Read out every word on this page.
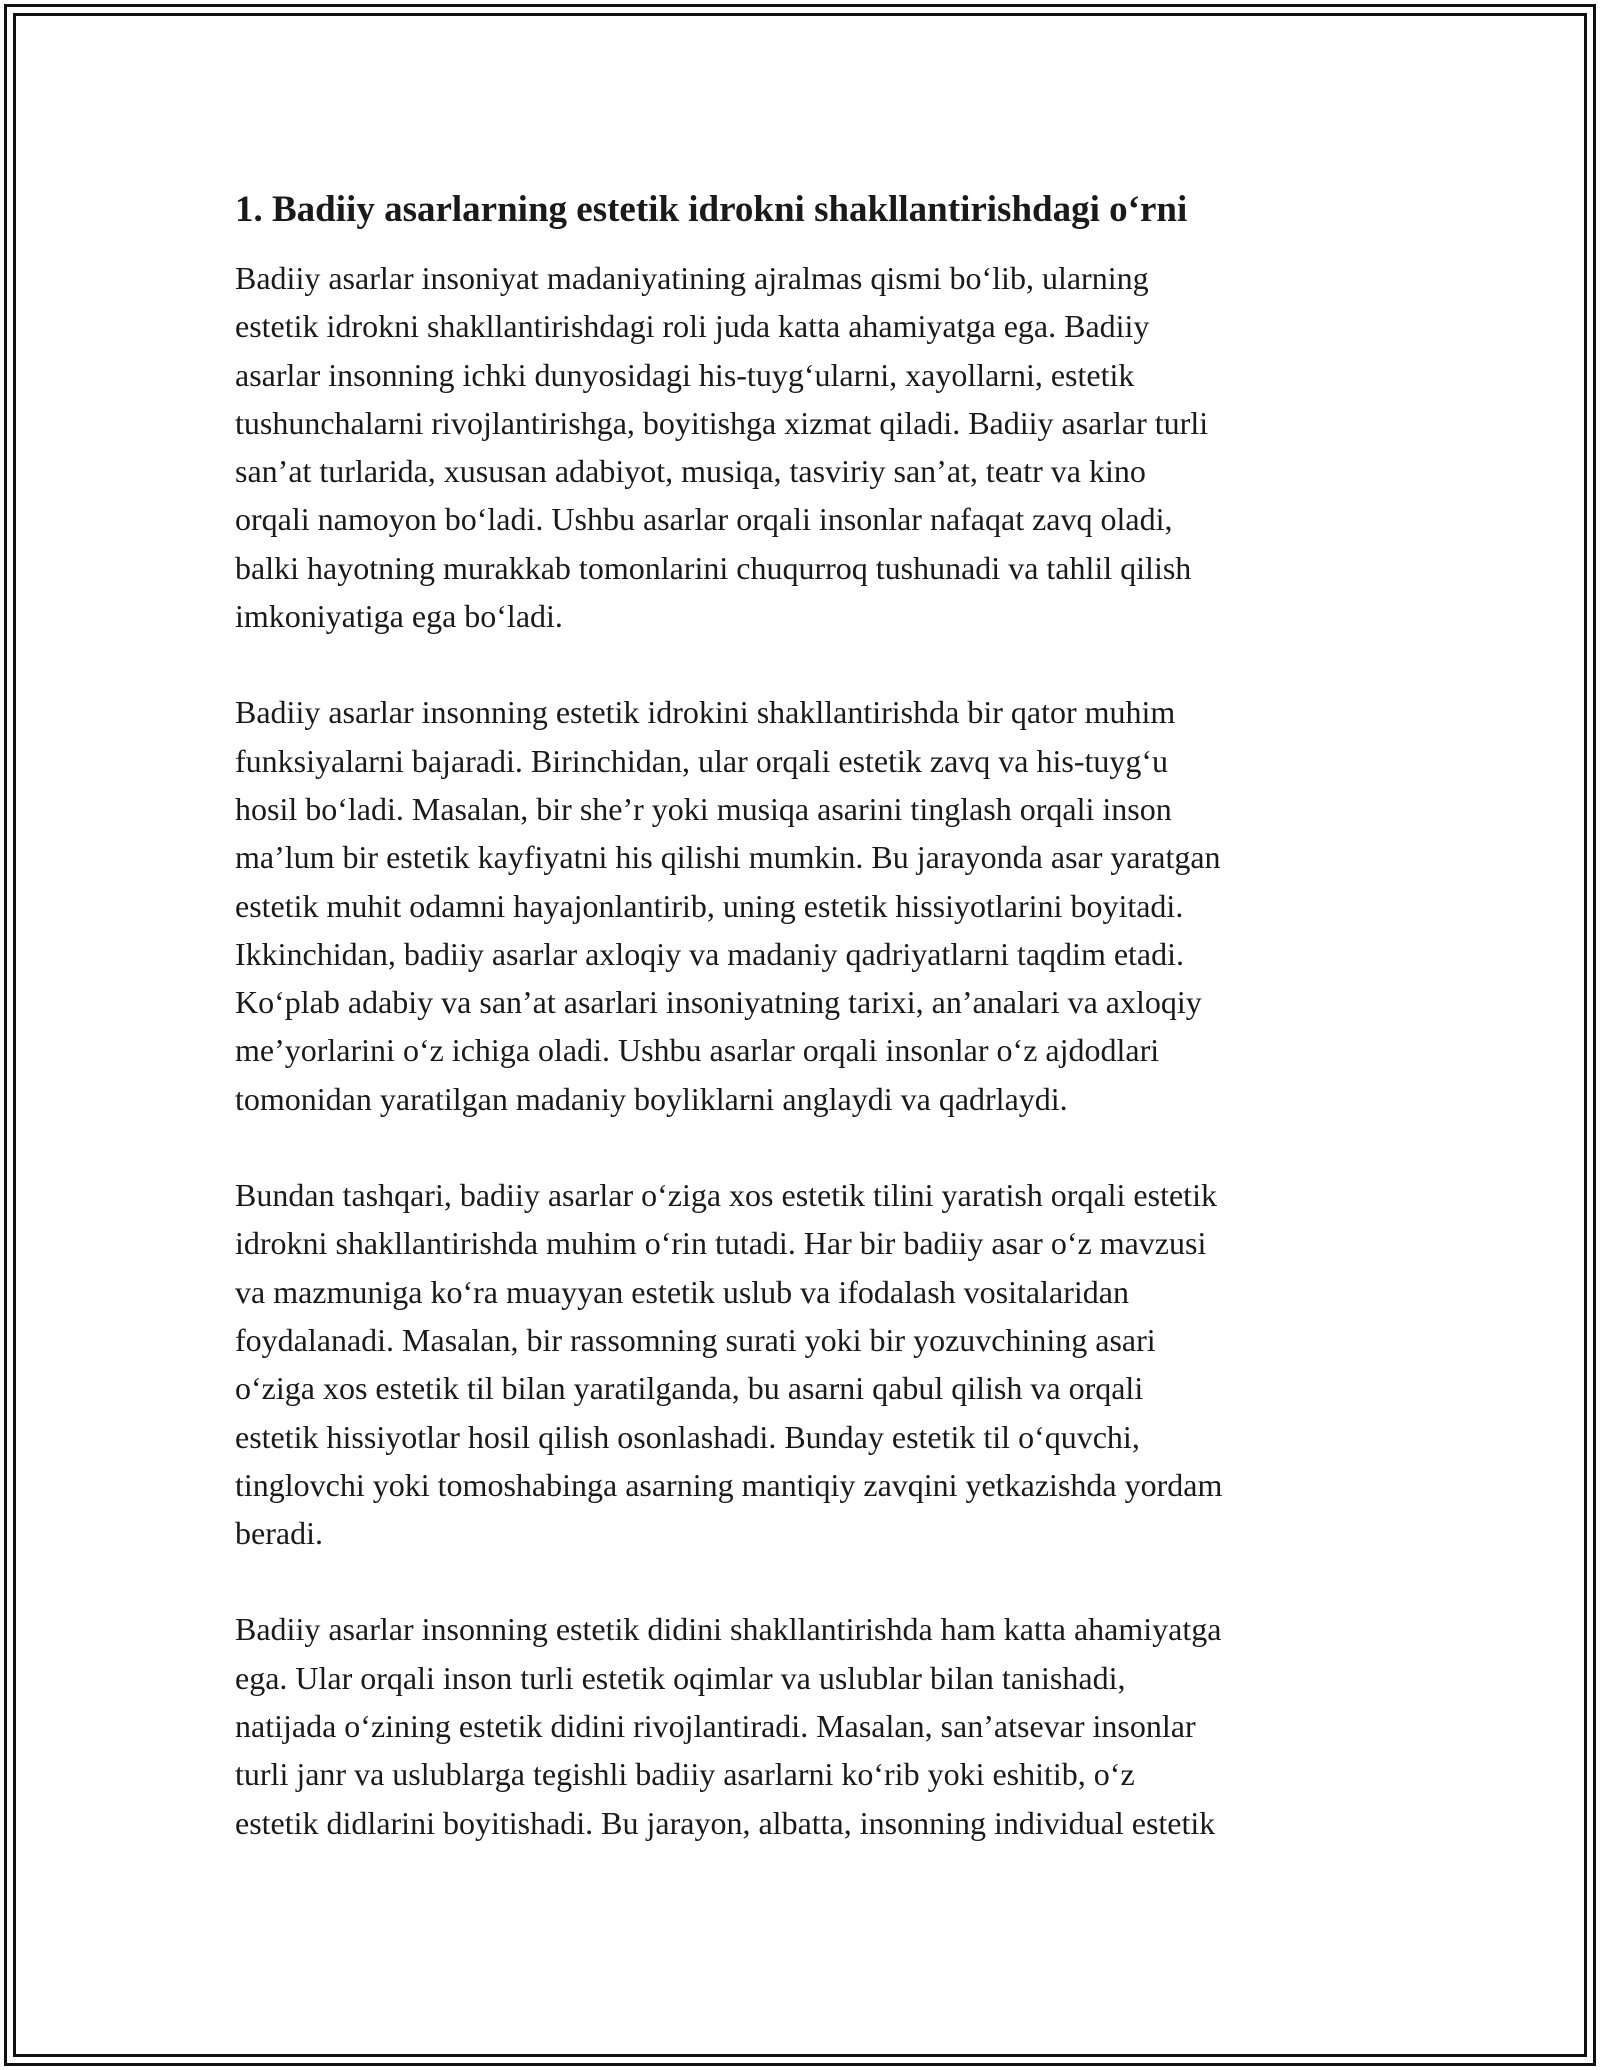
1. Badiiy asarlarning estetik idrokni shakllantirishdagi o‘rni

Badiiy asarlar insoniyat madaniyatining ajralmas qismi bo‘lib, ularning
estetik idrokni shakllantirishdagi roli juda katta ahamiyatga ega. Badiiy
asarlar insonning ichki dunyosidagi his-tuyg‘ularni, xayollarni, estetik
tushunchalarni rivojlantirishga, boyitishga xizmat qiladi. Badiiy asarlar turli
san’at turlarida, xususan adabiyot, musiqa, tasviriy san’at, teatr va kino
orqali namoyon bo‘ladi. Ushbu asarlar orqali insonlar nafaqat zavq oladi,
balki hayotning murakkab tomonlarini chuqurroq tushunadi va tahlil qilish
imkoniyatiga ega bo‘ladi.

Badiiy asarlar insonning estetik idrokini shakllantirishda bir qator muhim
funksiyalarni bajaradi. Birinchidan, ular orqali estetik zavq va his-tuyg‘u
hosil bo‘ladi. Masalan, bir she’r yoki musiqa asarini tinglash orqali inson
ma’lum bir estetik kayfiyatni his qilishi mumkin. Bu jarayonda asar yaratgan
estetik muhit odamni hayajonlantirib, uning estetik hissiyotlarini boyitadi.
Ikkinchidan, badiiy asarlar axloqiy va madaniy qadriyatlarni taqdim etadi.
Ko‘plab adabiy va san’at asarlari insoniyatning tarixi, an’analari va axloqiy
me’yorlarini o‘z ichiga oladi. Ushbu asarlar orqali insonlar o‘z ajdodlari
tomonidan yaratilgan madaniy boyliklarni anglaydi va qadrlaydi.

Bundan tashqari, badiiy asarlar o‘ziga xos estetik tilini yaratish orqali estetik
idrokni shakllantirishda muhim o‘rin tutadi. Har bir badiiy asar o‘z mavzusi
va mazmuniga ko‘ra muayyan estetik uslub va ifodalash vositalaridan
foydalanadi. Masalan, bir rassomning surati yoki bir yozuvchining asari
o‘ziga xos estetik til bilan yaratilganda, bu asarni qabul qilish va orqali
estetik hissiyotlar hosil qilish osonlashadi. Bunday estetik til o‘quvchi,
tinglovchi yoki tomoshabinga asarning mantiqiy zavqini yetkazishda yordam
beradi.

Badiiy asarlar insonning estetik didini shakllantirishda ham katta ahamiyatga
ega. Ular orqali inson turli estetik oqimlar va uslublar bilan tanishadi,
natijada o‘zining estetik didini rivojlantiradi. Masalan, san’atsevar insonlar
turli janr va uslublarga tegishli badiiy asarlarni ko‘rib yoki eshitib, o‘z
estetik didlarini boyitishadi. Bu jarayon, albatta, insonning individual estetik
